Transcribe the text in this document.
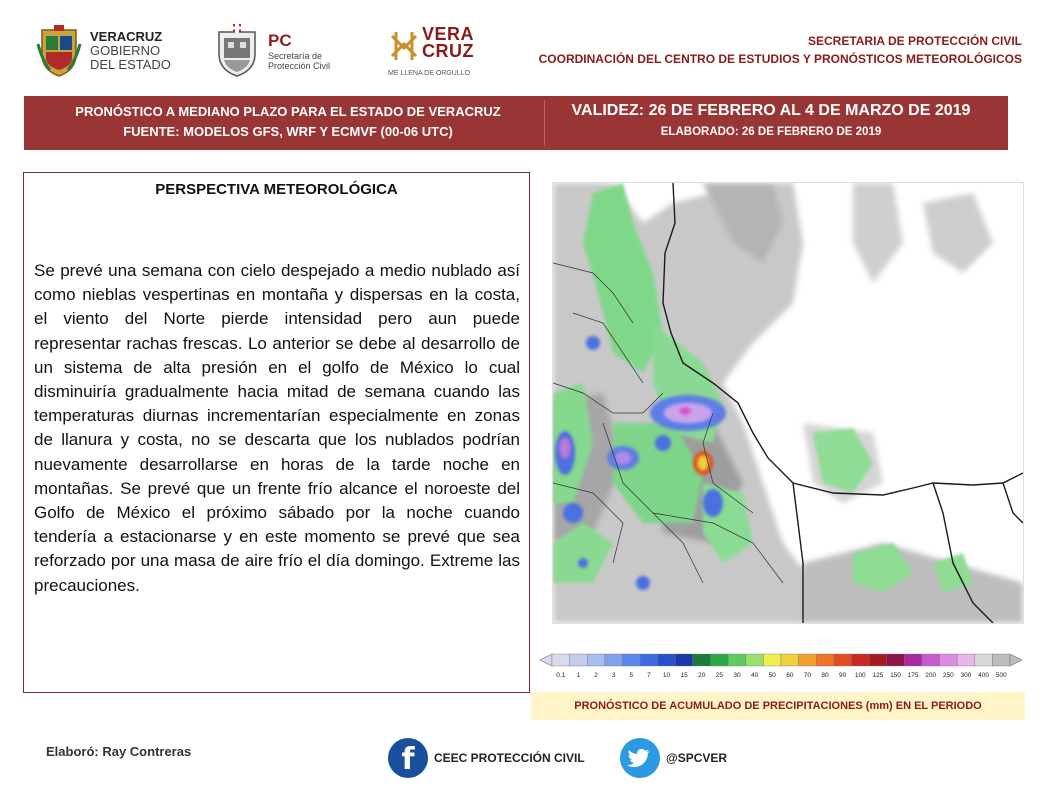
VERACRUZ
GOBIERNO
DEL ESTADO
PC
Secretaría de
Protección Civil
VERA
CRUZ
ME LLENA DE ORGULLO
SECRETARIA DE PROTECCIÓN CIVIL
COORDINACIÓN DEL CENTRO DE ESTUDIOS Y PRONÓSTICOS METEOROLÓGICOS
PRONÓSTICO A MEDIANO PLAZO PARA EL ESTADO DE VERACRUZ
FUENTE: MODELOS GFS, WRF Y ECMVF (00-06 UTC)
VALIDEZ: 26 DE FEBRERO AL 4 DE MARZO DE 2019
ELABORADO: 26 DE FEBRERO DE 2019
PERSPECTIVA METEOROLÓGICA

Se prevé una semana con cielo despejado a medio nublado así como nieblas vespertinas en montaña y dispersas en la costa, el viento del Norte pierde intensidad pero aun puede representar rachas frescas. Lo anterior se debe al desarrollo de un sistema de alta presión en el golfo de México lo cual disminuiría gradualmente hacia mitad de semana cuando las temperaturas diurnas incrementarían especialmente en zonas de llanura y costa, no se descarta que los nublados podrían nuevamente desarrollarse en horas de la tarde noche en montañas. Se prevé que un frente frío alcance el noroeste del Golfo de México el próximo sábado por la noche cuando tendería a estacionarse y en este momento se prevé que sea reforzado por una masa de aire frío el día domingo. Extreme las precauciones.

0.1 1 2 3 5 7 10 15 20 25 30 40 50 60 70 80 90 100 125 150 175 200 250 300 400 500
PRONÓSTICO DE ACUMULADO DE PRECIPITACIONES (mm) EN EL PERIODO
Elaboró: Ray Contreras	f	CEEC PROTECCIÓN CIVIL	@SPCVER
